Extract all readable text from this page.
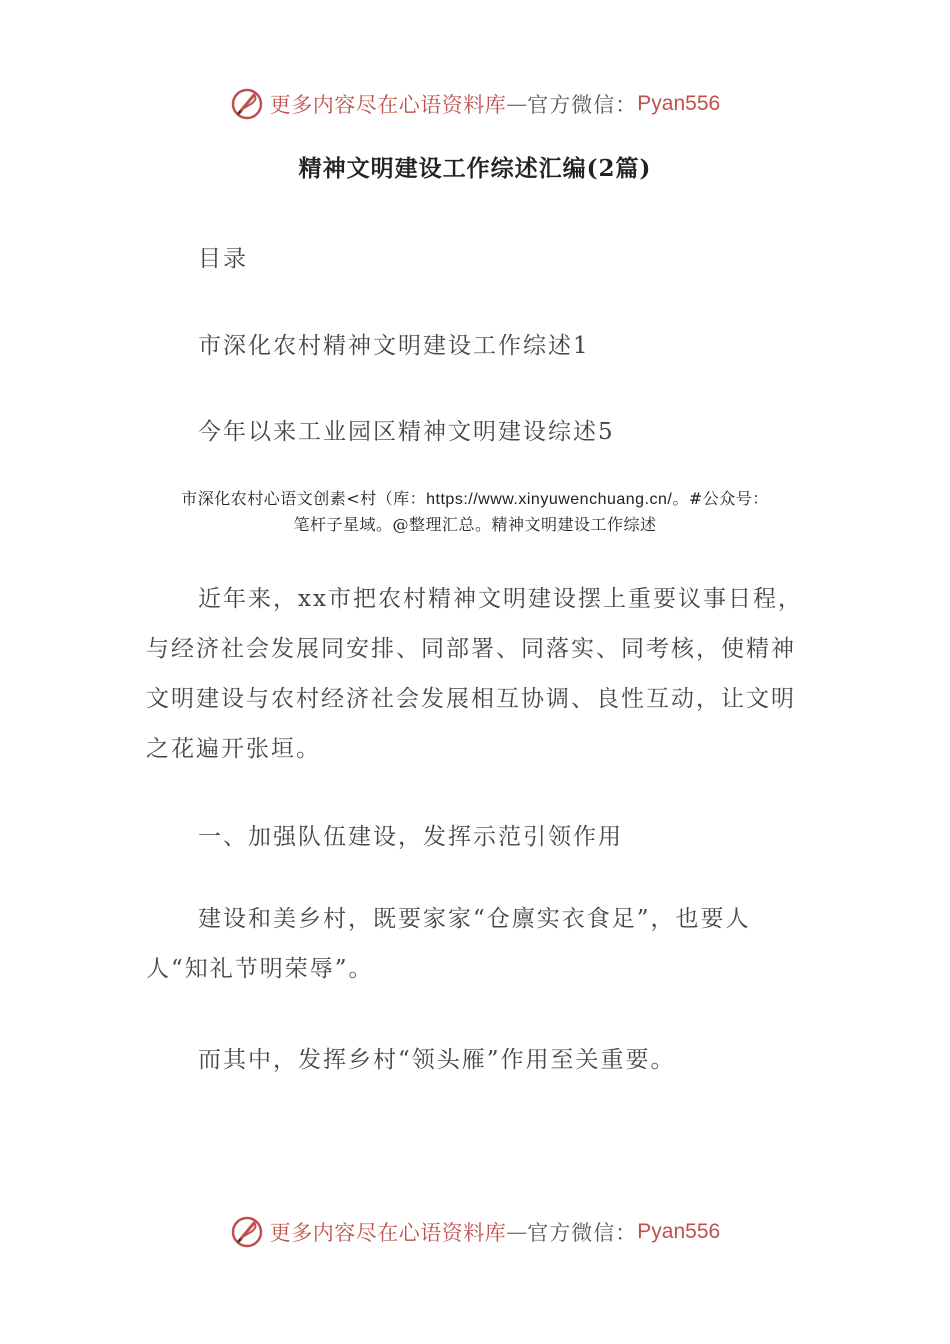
更多内容尽在心语资料库 — 官方微信： Pyan556
精神文明建设工作综述汇编(2篇)
目录
市深化农村精神文明建设工作综述1
今年以来工业园区精神文明建设综述5
市深化农村心语文创素<村（库：https://www.xinyuwenchuang.cn/。#公众号：
笔杆子星域。@整理汇总。精神文明建设工作综述
近年来，xx市把农村精神文明建设摆上重要议事日程，与经济社会发展同安排、同部署、同落实、同考核，使精神文明建设与农村经济社会发展相互协调、良性互动，让文明之花遍开张垣。
一、加强队伍建设，发挥示范引领作用
建设和美乡村，既要家家“仓廪实衣食足”，也要人人“知礼节明荣辱”。
而其中，发挥乡村“领头雁”作用至关重要。
更多内容尽在心语资料库 — 官方微信： Pyan556
